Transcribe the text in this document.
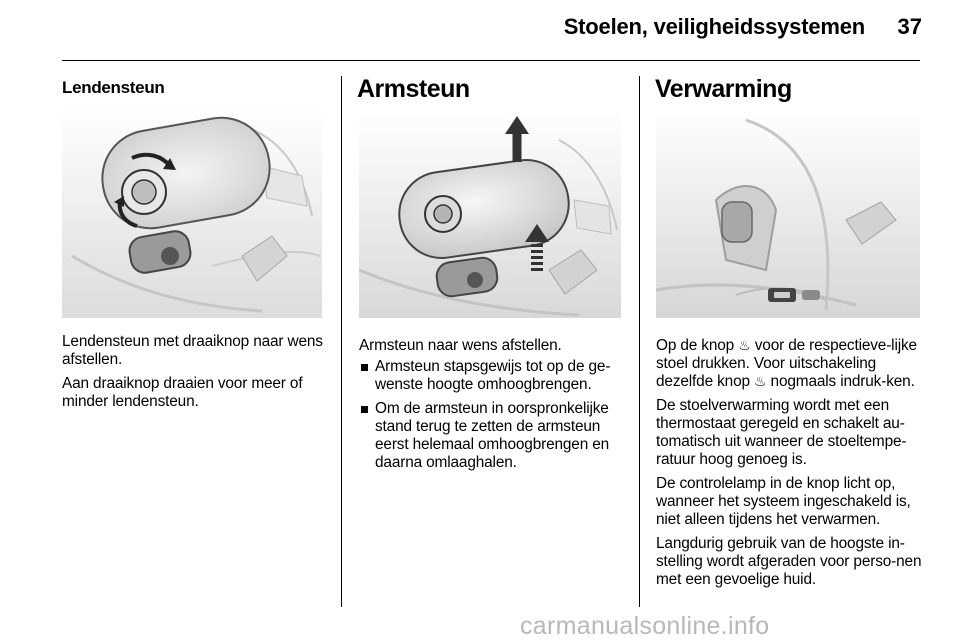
Stoelen, veiligheidssystemen 37
Lendensteun

Lendensteun met draaiknop naar wens afstellen.

Aan draaiknop draaien voor meer of minder lendensteun.

Armsteun

Armsteun naar wens afstellen.

Armsteun stapsgewijs tot op de ge-wenste hoogte omhoogbrengen.
Om de armsteun in oorspronkelijke stand terug te zetten de armsteun eerst helemaal omhoogbrengen en daarna omlaaghalen.
Verwarming

Op de knop ♨ voor de respectieve-lijke stoel drukken. Voor uitschakeling dezelfde knop ♨ nogmaals indruk-ken.

De stoelverwarming wordt met een thermostaat geregeld en schakelt au-tomatisch uit wanneer de stoeltempe-ratuur hoog genoeg is.

De controlelamp in de knop licht op, wanneer het systeem ingeschakeld is, niet alleen tijdens het verwarmen.

Langdurig gebruik van de hoogste in-stelling wordt afgeraden voor perso-nen met een gevoelige huid.

carmanualsonline.info
